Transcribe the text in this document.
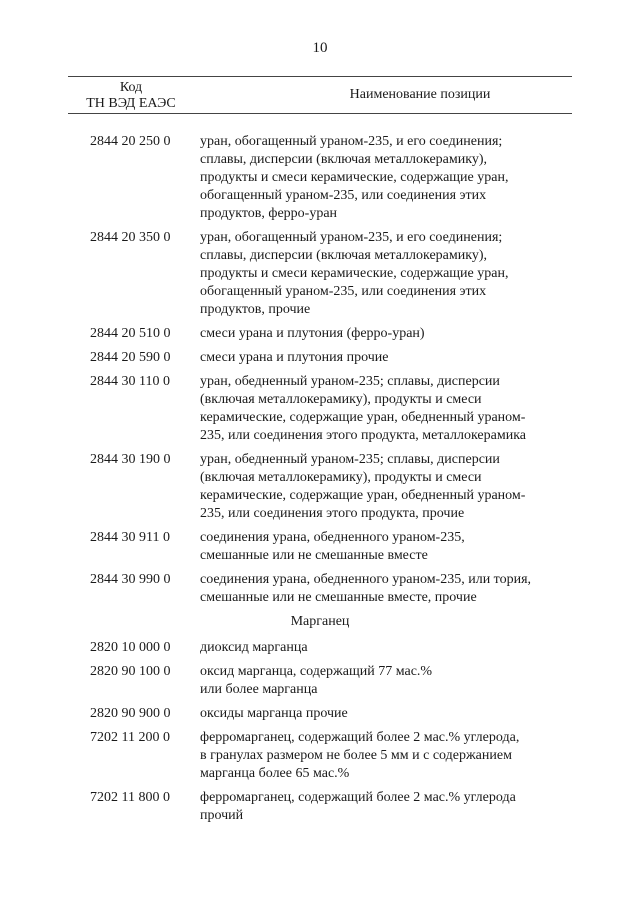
10
Код
ТН ВЭД ЕАЭС
Наименование позиции
2844 20 250 0 уран, обогащенный ураном-235, и его соединения;
сплавы, дисперсии (включая металлокерамику),
продукты и смеси керамические, содержащие уран,
обогащенный ураном-235, или соединения этих
продуктов, ферро-уран
2844 20 350 0 уран, обогащенный ураном-235, и его соединения;
сплавы, дисперсии (включая металлокерамику),
продукты и смеси керамические, содержащие уран,
обогащенный ураном-235, или соединения этих
продуктов, прочие
2844 20 510 0 смеси урана и плутония (ферро-уран)
2844 20 590 0 смеси урана и плутония прочие
2844 30 110 0 уран, обедненный ураном-235; сплавы, дисперсии
(включая металлокерамику), продукты и смеси
керамические, содержащие уран, обедненный ураном-
235, или соединения этого продукта, металлокерамика
2844 30 190 0 уран, обедненный ураном-235; сплавы, дисперсии
(включая металлокерамику), продукты и смеси
керамические, содержащие уран, обедненный ураном-
235, или соединения этого продукта, прочие
2844 30 911 0 соединения урана, обедненного ураном-235,
смешанные или не смешанные вместе
2844 30 990 0 соединения урана, обедненного ураном-235, или тория,
смешанные или не смешанные вместе, прочие
Марганец
2820 10 000 0 диоксид марганца
2820 90 100 0 оксид марганца, содержащий 77 мас.%
или более марганца
2820 90 900 0 оксиды марганца прочие
7202 11 200 0 ферромарганец, содержащий более 2 мас.% углерода,
в гранулах размером не более 5 мм и с содержанием
марганца более 65 мас.%
7202 11 800 0 ферромарганец, содержащий более 2 мас.% углерода
прочий
